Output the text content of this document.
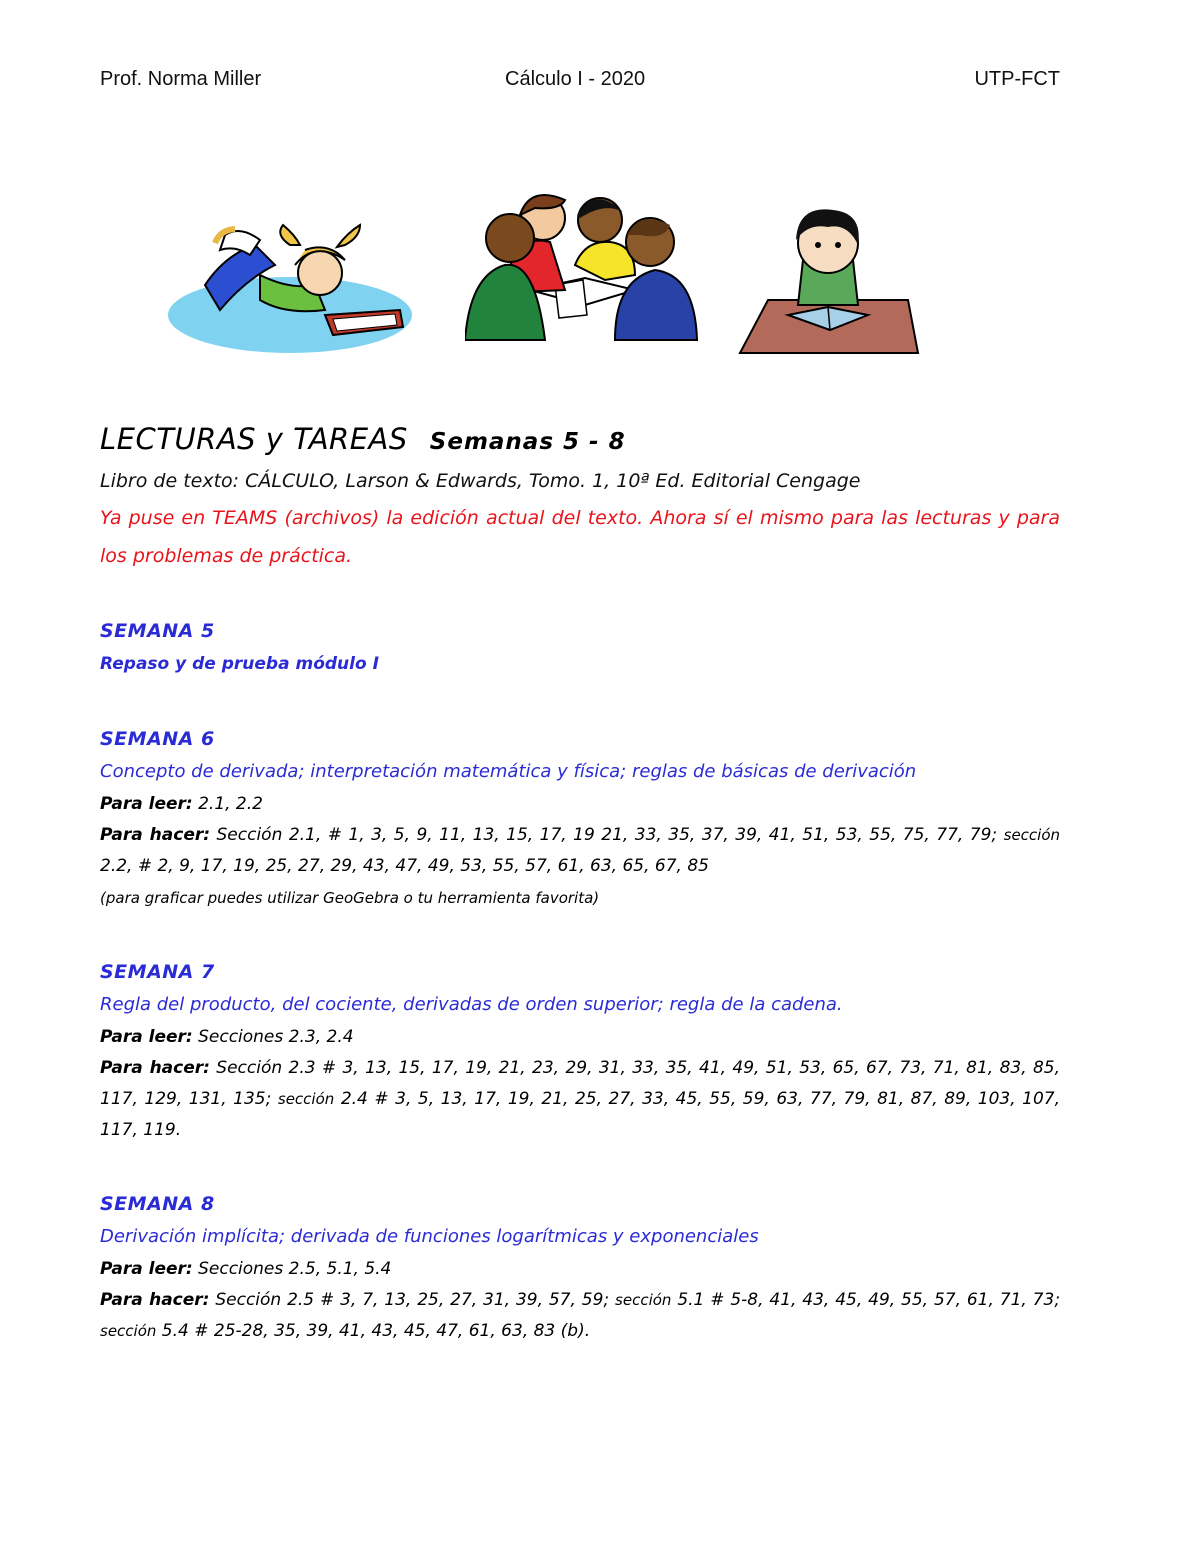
Prof. Norma Miller	Cálculo I - 2020	UTP-FCT

LECTURAS y TAREAS Semanas 5 - 8

Libro de texto: CÁLCULO, Larson & Edwards, Tomo. 1, 10ª Ed. Editorial Cengage

Ya puse en TEAMS (archivos) la edición actual del texto. Ahora sí el mismo para las lecturas y para los problemas de práctica.

SEMANA 5

Repaso y de prueba módulo I

SEMANA 6

Concepto de derivada; interpretación matemática y física; reglas de básicas de derivación

Para leer: 2.1, 2.2

Para hacer: Sección 2.1, # 1, 3, 5, 9, 11, 13, 15, 17, 19 21, 33, 35, 37, 39, 41, 51, 53, 55, 75, 77, 79; sección 2.2, # 2, 9, 17, 19, 25, 27, 29, 43, 47, 49, 53, 55, 57, 61, 63, 65, 67, 85

(para graficar puedes utilizar GeoGebra o tu herramienta favorita)

SEMANA 7

Regla del producto, del cociente, derivadas de orden superior; regla de la cadena.

Para leer: Secciones 2.3, 2.4

Para hacer: Sección 2.3 # 3, 13, 15, 17, 19, 21, 23, 29, 31, 33, 35, 41, 49, 51, 53, 65, 67, 73, 71, 81, 83, 85, 117, 129, 131, 135; sección 2.4 # 3, 5, 13, 17, 19, 21, 25, 27, 33, 45, 55, 59, 63, 77, 79, 81, 87, 89, 103, 107, 117, 119.

SEMANA 8

Derivación implícita; derivada de funciones logarítmicas y exponenciales

Para leer: Secciones 2.5, 5.1, 5.4

Para hacer: Sección 2.5 # 3, 7, 13, 25, 27, 31, 39, 57, 59; sección 5.1 # 5-8, 41, 43, 45, 49, 55, 57, 61, 71, 73; sección 5.4 # 25-28, 35, 39, 41, 43, 45, 47, 61, 63, 83 (b).
